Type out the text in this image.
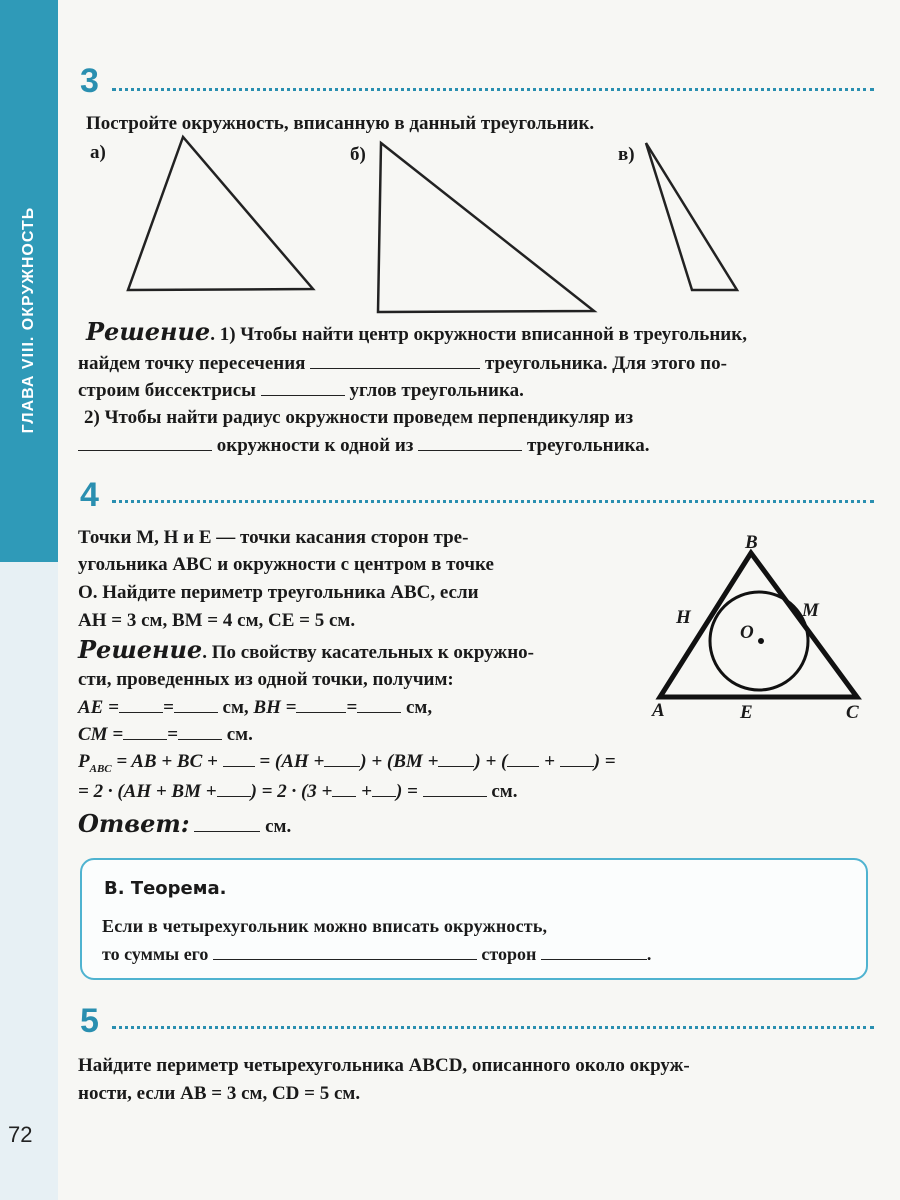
ГЛАВА VIII. ОКРУЖНОСТЬ
72
3
Постройте окружность, вписанную в данный треугольник.
а)	б)	в)
Решение. 1) Чтобы найти центр окружности вписанной в треугольник,
найдем точку пересечения	треугольника. Для этого по-
строим биссектрисы	углов треугольника.
2) Чтобы найти радиус окружности проведем перпендикуляр из
окружности к одной из	треугольника.
4
Точки M, H и E — точки касания сторон тре-
угольника ABC и окружности с центром в точке
O. Найдите периметр треугольника ABC, если
AH = 3 см, BM = 4 см, CE = 5 см.
Решение. По свойству касательных к окружно-
сти, проведенных из одной точки, получим:
AE = =	см, BH =	=	см,
CM = =	см.
$P_{ABC}$ = AB + BC + = (AH + ) + (BM + ) + ( + ) =
= 2 · (AH + BM + ) = 2 · (3 + + ) =	см.
Ответ:	см.
B
H	M
O
A	E	C
В. Теорема.
Если в четырехугольник можно вписать окружность,
то суммы его	сторон	.
5
Найдите периметр четырехугольника ABCD, описанного около окруж-
ности, если AB = 3 см, CD = 5 см.
